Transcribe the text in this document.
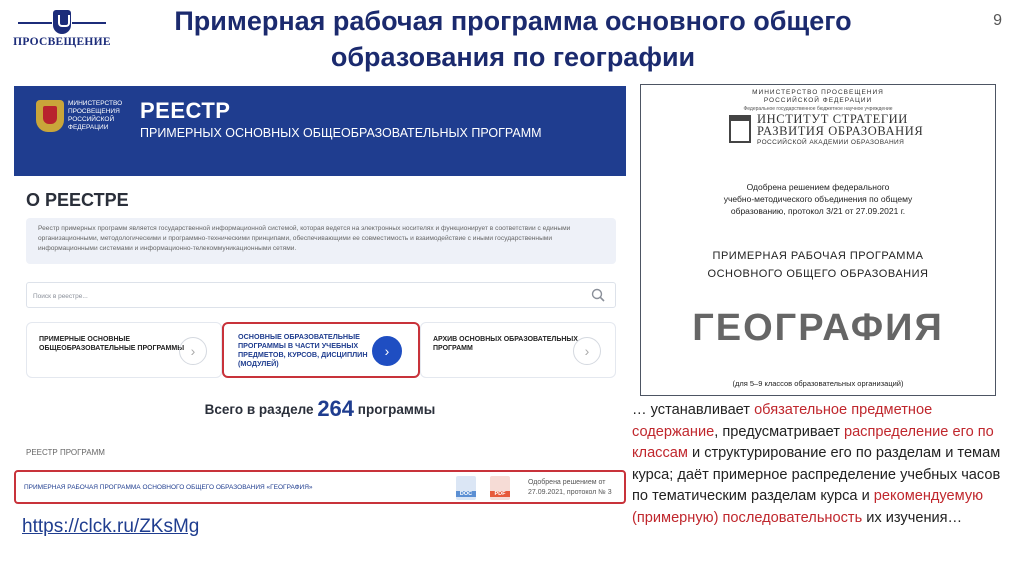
ПРОСВЕЩЕНИЕ
Примерная рабочая программа основного общего образования по географии
9
МИНИСТЕРСТВО ПРОСВЕЩЕНИЯ РОССИЙСКОЙ ФЕДЕРАЦИИ
РЕЕСТР
ПРИМЕРНЫХ ОСНОВНЫХ ОБЩЕОБРАЗОВАТЕЛЬНЫХ ПРОГРАММ
О РЕЕСТРЕ
Реестр примерных программ является государственной информационной системой, которая ведется на электронных носителях и функционирует в соответствии с едиными организационными, методологическими и программно-техническими принципами, обеспечивающими ее совместимость и взаимодействие с иными государственными информационными системами и информационно-телекоммуникационными сетями.
Поиск в реестре...
ПРИМЕРНЫЕ ОСНОВНЫЕ ОБЩЕОБРАЗОВАТЕЛЬНЫЕ ПРОГРАММЫ ›
ОСНОВНЫЕ ОБРАЗОВАТЕЛЬНЫЕ ПРОГРАММЫ В ЧАСТИ УЧЕБНЫХ ПРЕДМЕТОВ, КУРСОВ, ДИСЦИПЛИН (МОДУЛЕЙ)
›
АРХИВ ОСНОВНЫХ ОБРАЗОВАТЕЛЬНЫХ ПРОГРАММ	›
Всего в разделе 264 программы
РЕЕСТР ПРОГРАММ
ПРИМЕРНАЯ РАБОЧАЯ ПРОГРАММА ОСНОВНОГО ОБЩЕГО ОБРАЗОВАНИЯ «ГЕОГРАФИЯ»
DOC	PDF
Одобрена решением от 27.09.2021, протокол № 3
https://clck.ru/ZKsMg
МИНИСТЕРСТВО ПРОСВЕЩЕНИЯ
РОССИЙСКОЙ ФЕДЕРАЦИИ
Федеральное государственное бюджетное научное учреждение
ИНСТИТУТ СТРАТЕГИИ
РАЗВИТИЯ ОБРАЗОВАНИЯ
РОССИЙСКОЙ АКАДЕМИИ ОБРАЗОВАНИЯ
Одобрена решением федерального
учебно-методического объединения по общему
образованию, протокол 3/21 от 27.09.2021 г.
ПРИМЕРНАЯ РАБОЧАЯ ПРОГРАММА
ОСНОВНОГО ОБЩЕГО ОБРАЗОВАНИЯ
ГЕОГРАФИЯ
(для 5–9 классов образовательных организаций)
… устанавливает обязательное предметное содержание, предусматривает распределение его по классам и структурирование его по разделам и темам курса; даёт примерное распределение учебных часов по тематическим разделам курса и рекомендуемую (примерную) последовательность их изучения…
